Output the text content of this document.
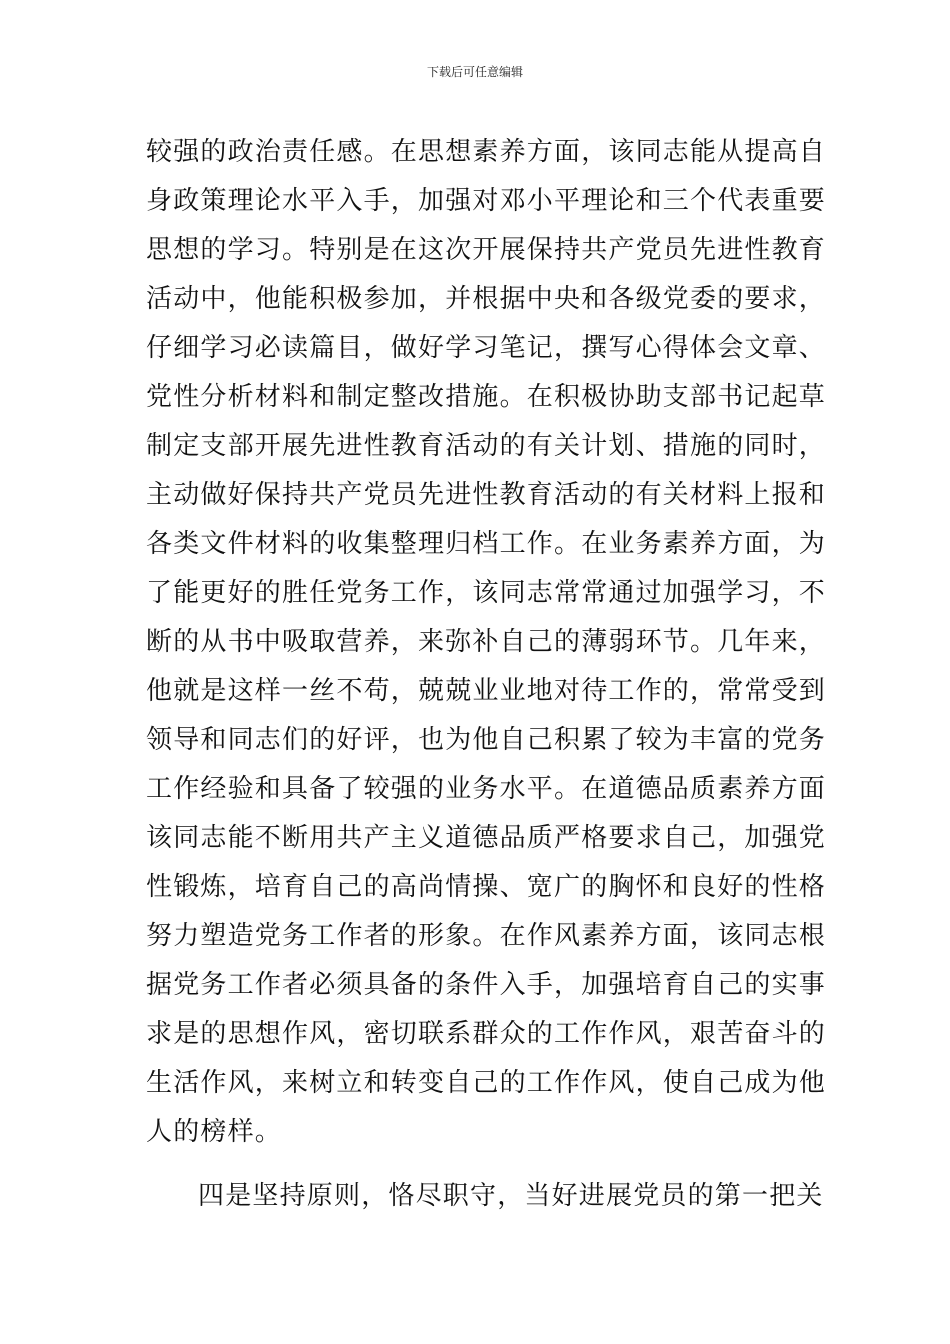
下载后可任意编辑
较强的政治责任感。在思想素养方面，该同志能从提高自
身政策理论水平入手，加强对邓小平理论和三个代表重要
思想的学习。特别是在这次开展保持共产党员先进性教育
活动中，他能积极参加，并根据中央和各级党委的要求，
仔细学习必读篇目，做好学习笔记，撰写心得体会文章、
党性分析材料和制定整改措施。在积极协助支部书记起草
制定支部开展先进性教育活动的有关计划、措施的同时，
主动做好保持共产党员先进性教育活动的有关材料上报和
各类文件材料的收集整理归档工作。在业务素养方面，为
了能更好的胜任党务工作，该同志常常通过加强学习，不
断的从书中吸取营养，来弥补自己的薄弱环节。几年来，
他就是这样一丝不苟，兢兢业业地对待工作的，常常受到
领导和同志们的好评，也为他自己积累了较为丰富的党务
工作经验和具备了较强的业务水平。在道德品质素养方面
该同志能不断用共产主义道德品质严格要求自己，加强党
性锻炼，培育自己的高尚情操、宽广的胸怀和良好的性格
努力塑造党务工作者的形象。在作风素养方面，该同志根
据党务工作者必须具备的条件入手，加强培育自己的实事
求是的思想作风，密切联系群众的工作作风，艰苦奋斗的
生活作风，来树立和转变自己的工作作风，使自己成为他
人的榜样。
四是坚持原则，恪尽职守，当好进展党员的第一把关
